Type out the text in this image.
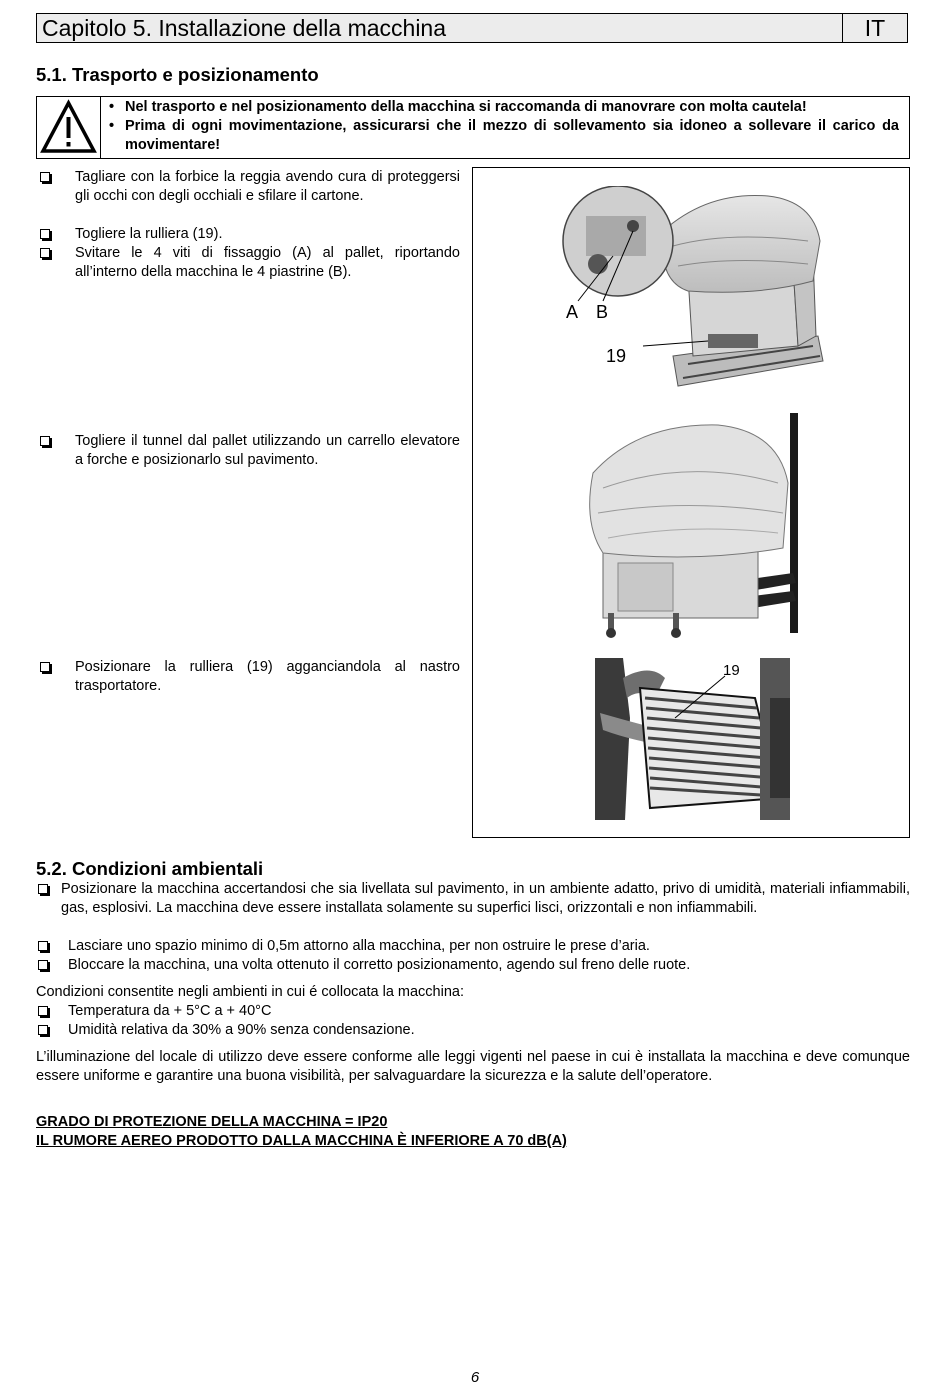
Capitolo 5. Installazione della macchina	IT
5.1. Trasporto e posizionamento
• Nel trasporto e nel posizionamento della macchina si raccomanda di manovrare con molta cautela!
• Prima di ogni movimentazione, assicurarsi che il mezzo di sollevamento sia idoneo a sollevare il carico da movimentare!
Tagliare con la forbice la reggia avendo cura di proteggersi gli occhi con degli occhiali e sfilare il cartone.
Togliere la rulliera (19).
Svitare le 4 viti di fissaggio (A) al pallet, riportando all’interno della macchina le 4 piastrine (B).
Togliere il tunnel dal pallet utilizzando un carrello elevatore a forche e posizionarlo sul pavimento.
Posizionare la rulliera (19) agganciandola al nastro trasportatore.
A B
19
19
5.2. Condizioni ambientali
Posizionare la macchina accertandosi che sia livellata sul pavimento, in un ambiente adatto, privo di umidità, materiali infiammabili, gas, esplosivi. La macchina deve essere installata solamente su superfici lisci, orizzontali e non infiammabili.
Lasciare uno spazio minimo di 0,5m attorno alla macchina, per non ostruire le prese d’aria.
Bloccare la macchina, una volta ottenuto il corretto posizionamento, agendo sul freno delle ruote.
Condizioni consentite negli ambienti in cui é collocata la macchina:
Temperatura da + 5°C a + 40°C
Umidità relativa da 30% a 90% senza condensazione.
L’illuminazione del locale di utilizzo deve essere conforme alle leggi vigenti nel paese in cui è installata la macchina e deve comunque essere uniforme e garantire una buona visibilità, per salvaguardare la sicurezza e la salute dell’operatore.
GRADO DI PROTEZIONE DELLA MACCHINA = IP20
IL RUMORE AEREO PRODOTTO DALLA MACCHINA È INFERIORE A 70 dB(A)
6
